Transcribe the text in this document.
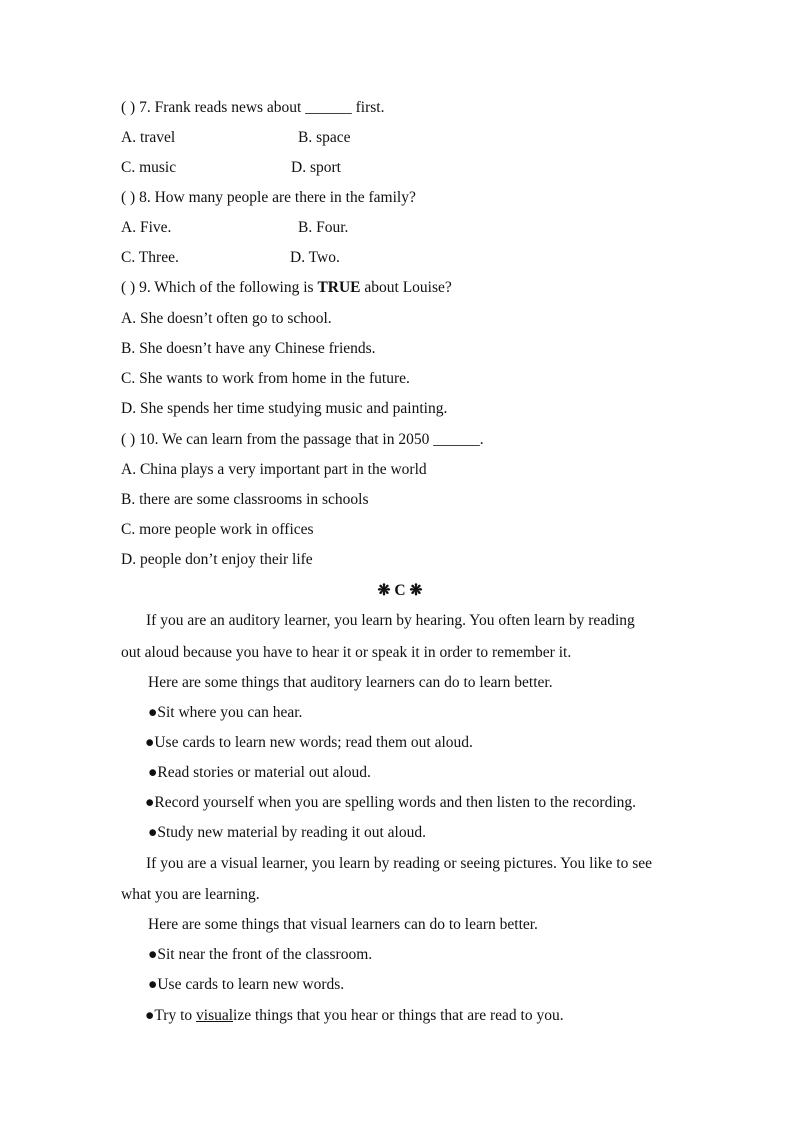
( ) 7. Frank reads news about ______ first.
A. travel	B. space
C. music	D. sport
( ) 8. How many people are there in the family?
A. Five.	B. Four.
C. Three.	D. Two.
( ) 9. Which of the following is TRUE about Louise?
A. She doesn’t often go to school.
B. She doesn’t have any Chinese friends.
C. She wants to work from home in the future.
D. She spends her time studying music and painting.
( ) 10. We can learn from the passage that in 2050 ______.
A. China plays a very important part in the world
B. there are some classrooms in schools
C. more people work in offices
D. people don’t enjoy their life
❋ C ❋
If you are an auditory learner, you learn by hearing. You often learn by reading
out aloud because you have to hear it or speak it in order to remember it.
Here are some things that auditory learners can do to learn better.
●Sit where you can hear.
●Use cards to learn new words; read them out aloud.
●Read stories or material out aloud.
●Record yourself when you are spelling words and then listen to the recording.
●Study new material by reading it out aloud.
If you are a visual learner, you learn by reading or seeing pictures. You like to see
what you are learning.
Here are some things that visual learners can do to learn better.
●Sit near the front of the classroom.
●Use cards to learn new words.
●Try to visualize things that you hear or things that are read to you.
